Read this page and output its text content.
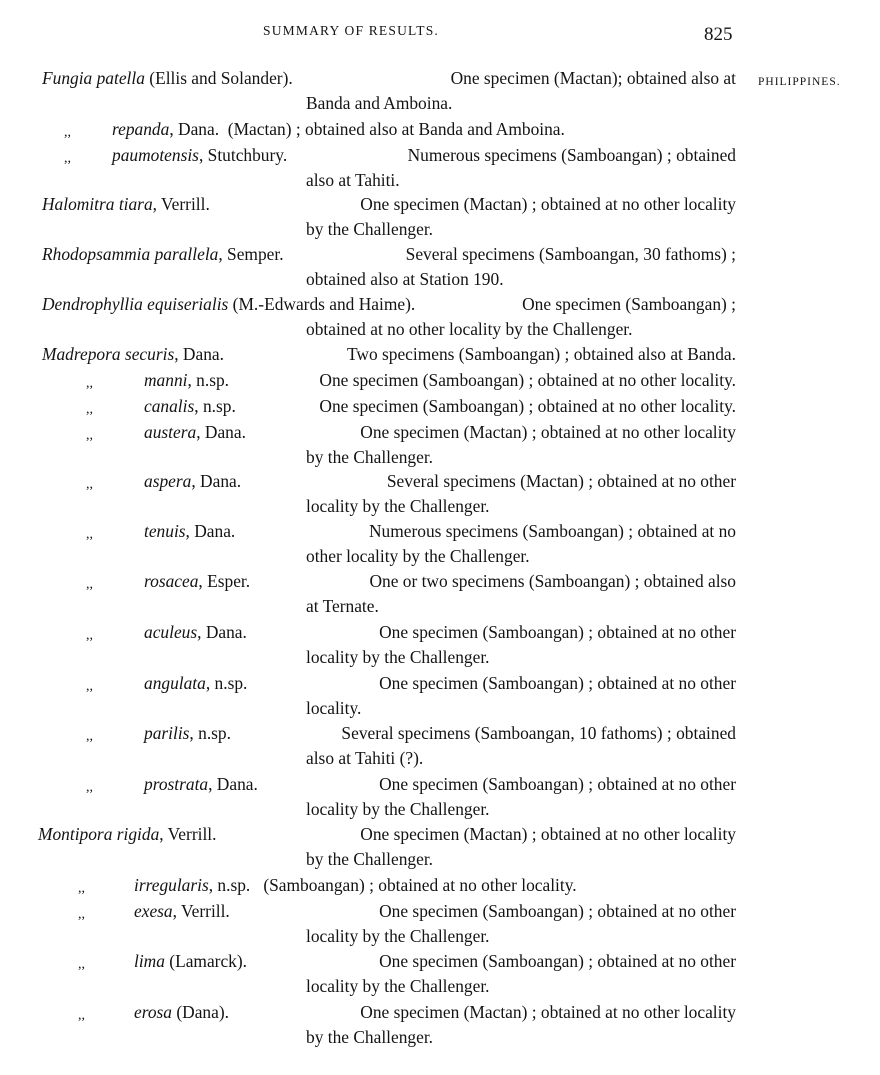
SUMMARY OF RESULTS.	825
PHILIPPINES.
Fungia patella (Ellis and Solander).	One specimen (Mactan); obtained also at
Banda and Amboina.
,, repanda, Dana. (Mactan) ; obtained also at Banda and Amboina.
,, paumotensis, Stutchbury.	Numerous specimens (Samboangan) ; obtained
also at Tahiti.
Halomitra tiara, Verrill.	One specimen (Mactan) ; obtained at no other locality
by the Challenger.
Rhodopsammia parallela, Semper.	Several specimens (Samboangan, 30 fathoms) ;
obtained also at Station 190.
Dendrophyllia equiserialis (M.-Edwards and Haime).	One specimen (Samboangan) ;
obtained at no other locality by the Challenger.
Madrepora securis, Dana.	Two specimens (Samboangan) ; obtained also at Banda.
,,	manni, n.sp.	One specimen (Samboangan) ; obtained at no other locality.
,,	canalis, n.sp.	One specimen (Samboangan) ; obtained at no other locality.
,,	austera, Dana.	One specimen (Mactan) ; obtained at no other locality
by the Challenger.
,,	aspera, Dana.	Several specimens (Mactan) ; obtained at no other
locality by the Challenger.
,,	tenuis, Dana.	Numerous specimens (Samboangan) ; obtained at no
other locality by the Challenger.
,,	rosacea, Esper.	One or two specimens (Samboangan) ; obtained also
at Ternate.
,,	aculeus, Dana.	One specimen (Samboangan) ; obtained at no other
locality by the Challenger.
,,	angulata, n.sp.	One specimen (Samboangan) ; obtained at no other
locality.
,,	parilis, n.sp.	Several specimens (Samboangan, 10 fathoms) ; obtained
also at Tahiti (?).
,,	prostrata, Dana.	One specimen (Samboangan) ; obtained at no other
locality by the Challenger.
Montipora rigida, Verrill.	One specimen (Mactan) ; obtained at no other locality
by the Challenger.
,,	irregularis, n.sp. (Samboangan) ; obtained at no other locality.
,,	exesa, Verrill.	One specimen (Samboangan) ; obtained at no other
locality by the Challenger.
,,	lima (Lamarck).	One specimen (Samboangan) ; obtained at no other
locality by the Challenger.
,,	erosa (Dana).	One specimen (Mactan) ; obtained at no other locality
by the Challenger.
